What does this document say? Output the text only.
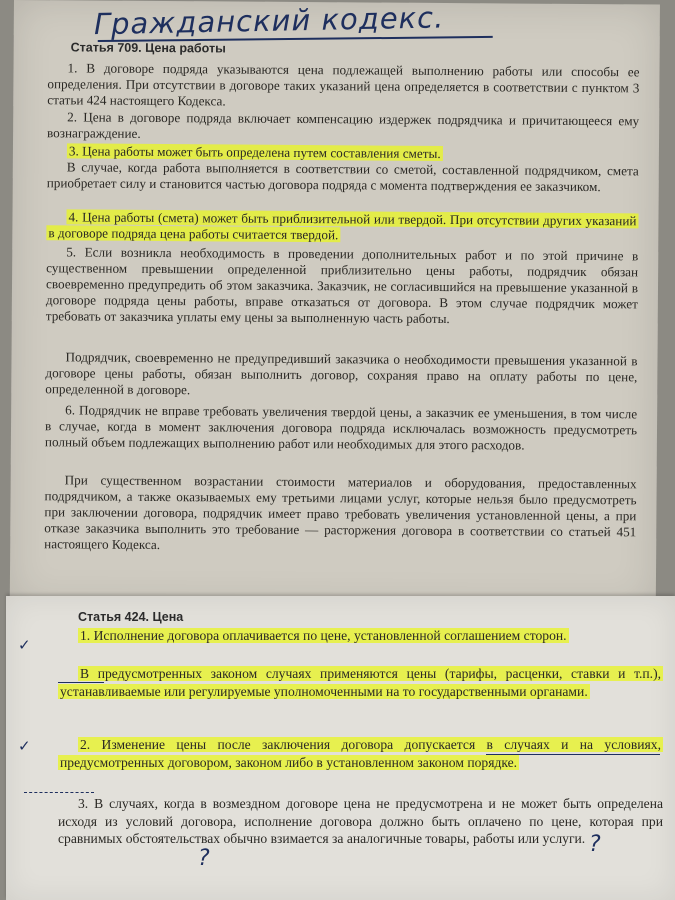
Гражданский кодекс.
Статья 709. Цена работы

1. В договоре подряда указываются цена подлежащей выполнению работы или способы ее определения. При отсутствии в договоре таких указаний цена определяется в соответствии с пунктом 3 статьи 424 настоящего Кодекса.

2. Цена в договоре подряда включает компенсацию издержек подрядчика и причитающееся ему вознаграждение.

3. Цена работы может быть определена путем составления сметы.

В случае, когда работа выполняется в соответствии со сметой, составленной подрядчиком, смета приобретает силу и становится частью договора подряда с момента подтверждения ее заказчиком.

4. Цена работы (смета) может быть приблизительной или твердой. При отсутствии других указаний в договоре подряда цена работы считается твердой.

5. Если возникла необходимость в проведении дополнительных работ и по этой причине в существенном превышении определенной приблизительно цены работы, подрядчик обязан своевременно предупредить об этом заказчика. Заказчик, не согласившийся на превышение указанной в договоре подряда цены работы, вправе отказаться от договора. В этом случае подрядчик может требовать от заказчика уплаты ему цены за выполненную часть работы.

Подрядчик, своевременно не предупредивший заказчика о необходимости превышения указанной в договоре цены работы, обязан выполнить договор, сохраняя право на оплату работы по цене, определенной в договоре.

6. Подрядчик не вправе требовать увеличения твердой цены, а заказчик ее уменьшения, в том числе в случае, когда в момент заключения договора подряда исключалась возможность предусмотреть полный объем подлежащих выполнению работ или необходимых для этого расходов.

При существенном возрастании стоимости материалов и оборудования, предоставленных подрядчиком, а также оказываемых ему третьими лицами услуг, которые нельзя было предусмотреть при заключении договора, подрядчик имеет право требовать увеличения установленной цены, а при отказе заказчика выполнить это требование — расторжения договора в соответствии со статьей 451 настоящего Кодекса.

Статья 424. Цена

1. Исполнение договора оплачивается по цене, установленной соглашением сторон.

В предусмотренных законом случаях применяются цены (тарифы, расценки, ставки и т.п.), устанавливаемые или регулируемые уполномоченными на то государственными органами.

2. Изменение цены после заключения договора допускается в случаях и на условиях, предусмотренных договором, законом либо в установленном законом порядке.

3. В случаях, когда в возмездном договоре цена не предусмотрена и не может быть определена исходя из условий договора, исполнение договора должно быть оплачено по цене, которая при сравнимых обстоятельствах обычно взимается за аналогичные товары, работы или услуги.

✓
✓
?
?
